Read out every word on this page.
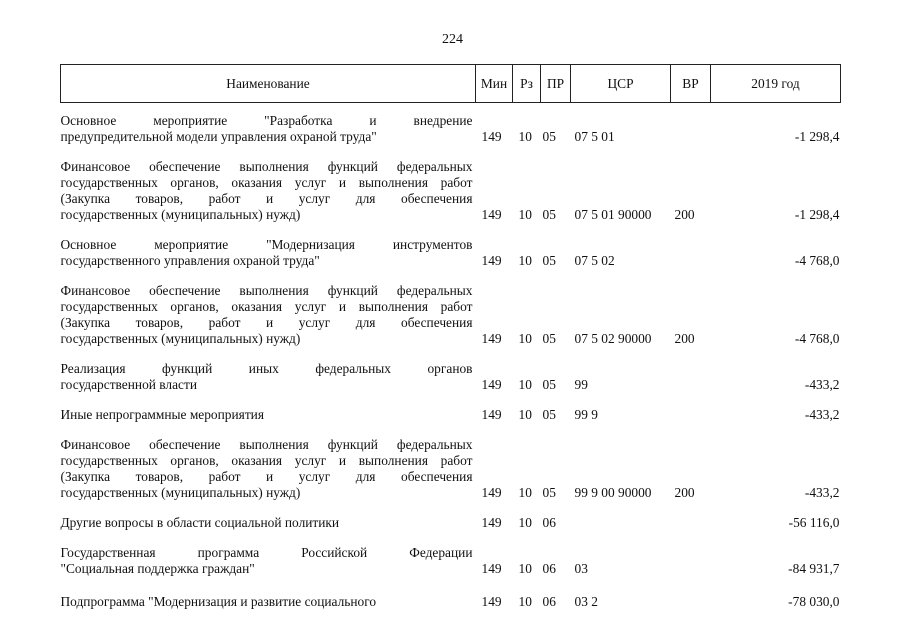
224
Наименование	Мин	Рз	ПР	ЦСР	ВР	2019 год

Основное мероприятие "Разработка и внедрение
предупредительной модели управления охраной труда"	149	10	05	07 5 01		-1 298,4

Финансовое обеспечение выполнения функций федеральных
государственных органов, оказания услуг и выполнения работ
(Закупка товаров, работ и услуг для обеспечения
государственных (муниципальных) нужд)	149	10	05	07 5 01 90000	200	-1 298,4

Основное мероприятие "Модернизация инструментов
государственного управления охраной труда"	149	10	05	07 5 02		-4 768,0

Финансовое обеспечение выполнения функций федеральных
государственных органов, оказания услуг и выполнения работ
(Закупка товаров, работ и услуг для обеспечения
государственных (муниципальных) нужд)	149	10	05	07 5 02 90000	200	-4 768,0

Реализация функций иных федеральных органов
государственной власти	149	10	05	99		-433,2

Иные непрограммные мероприятия	149	10	05	99 9		-433,2

Финансовое обеспечение выполнения функций федеральных
государственных органов, оказания услуг и выполнения работ
(Закупка товаров, работ и услуг для обеспечения
государственных (муниципальных) нужд)	149	10	05	99 9 00 90000	200	-433,2

Другие вопросы в области социальной политики	149	10	06			-56 116,0

Государственная программа Российской Федерации
"Социальная поддержка граждан"	149	10	06	03		-84 931,7

Подпрограмма "Модернизация и развитие социального	149	10	06	03 2		-78 030,0
